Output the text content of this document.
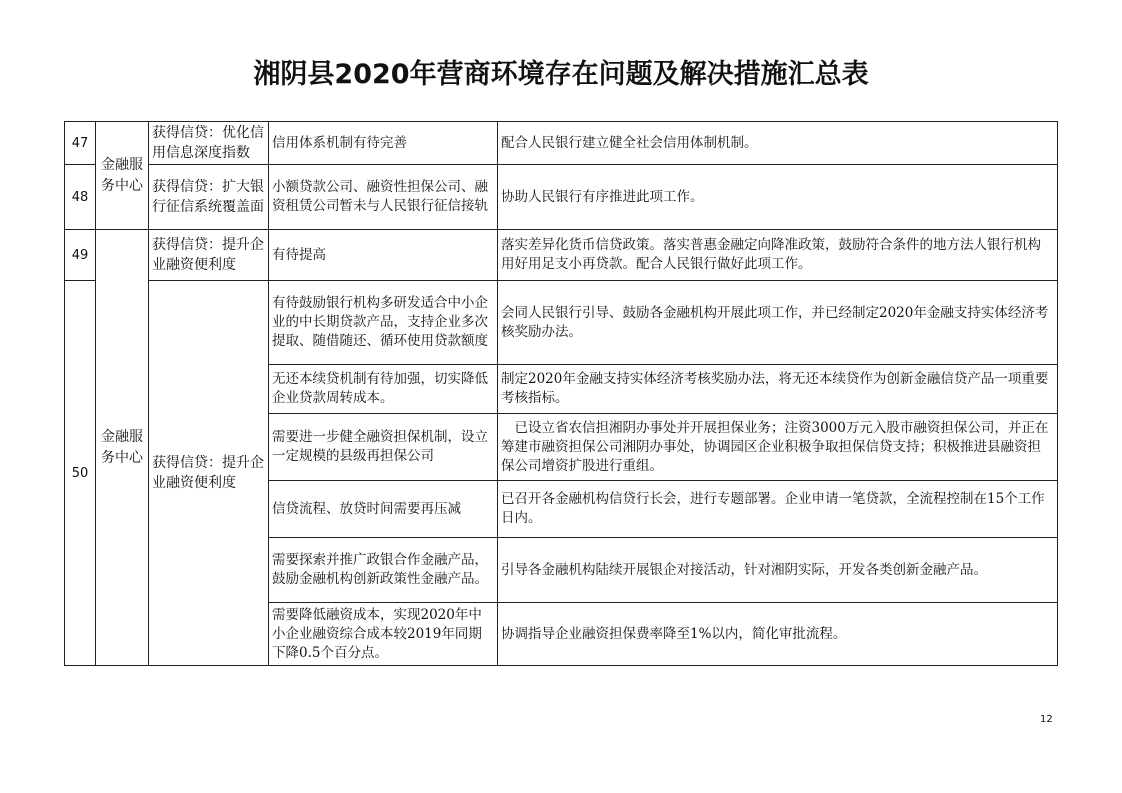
湘阴县2020年营商环境存在问题及解决措施汇总表
47	金融服务中心	获得信贷：优化信用信息深度指数	信用体系机制有待完善	配合人民银行建立健全社会信用体制机制。
48		获得信贷：扩大银行征信系统覆盖面	小额贷款公司、融资性担保公司、融资租赁公司暂未与人民银行征信接轨	协助人民银行有序推进此项工作。
49	金融服务中心	获得信贷：提升企业融资便利度	有待提高	落实差异化货币信贷政策。落实普惠金融定向降准政策，鼓励符合条件的地方法人银行机构用好用足支小再贷款。配合人民银行做好此项工作。
50		获得信贷：提升企业融资便利度	有待鼓励银行机构多研发适合中小企业的中长期贷款产品，支持企业多次提取、随借随还、循环使用贷款额度	会同人民银行引导、鼓励各金融机构开展此项工作，并已经制定2020年金融支持实体经济考核奖励办法。
			无还本续贷机制有待加强，切实降低企业贷款周转成本。	制定2020年金融支持实体经济考核奖励办法，将无还本续贷作为创新金融信贷产品一项重要考核指标。
			需要进一步健全融资担保机制，设立一定规模的县级再担保公司	已设立省农信担湘阴办事处并开展担保业务；注资3000万元入股市融资担保公司，并正在筹建市融资担保公司湘阴办事处，协调园区企业积极争取担保信贷支持；积极推进县融资担保公司增资扩股进行重组。
			信贷流程、放贷时间需要再压减	已召开各金融机构信贷行长会，进行专题部署。企业申请一笔贷款，全流程控制在15个工作日内。
			需要探索并推广政银合作金融产品，鼓励金融机构创新政策性金融产品。	引导各金融机构陆续开展银企对接活动，针对湘阴实际，开发各类创新金融产品。
			需要降低融资成本，实现2020年中小企业融资综合成本较2019年同期下降0.5个百分点。	协调指导企业融资担保费率降至1%以内，简化审批流程。
12
